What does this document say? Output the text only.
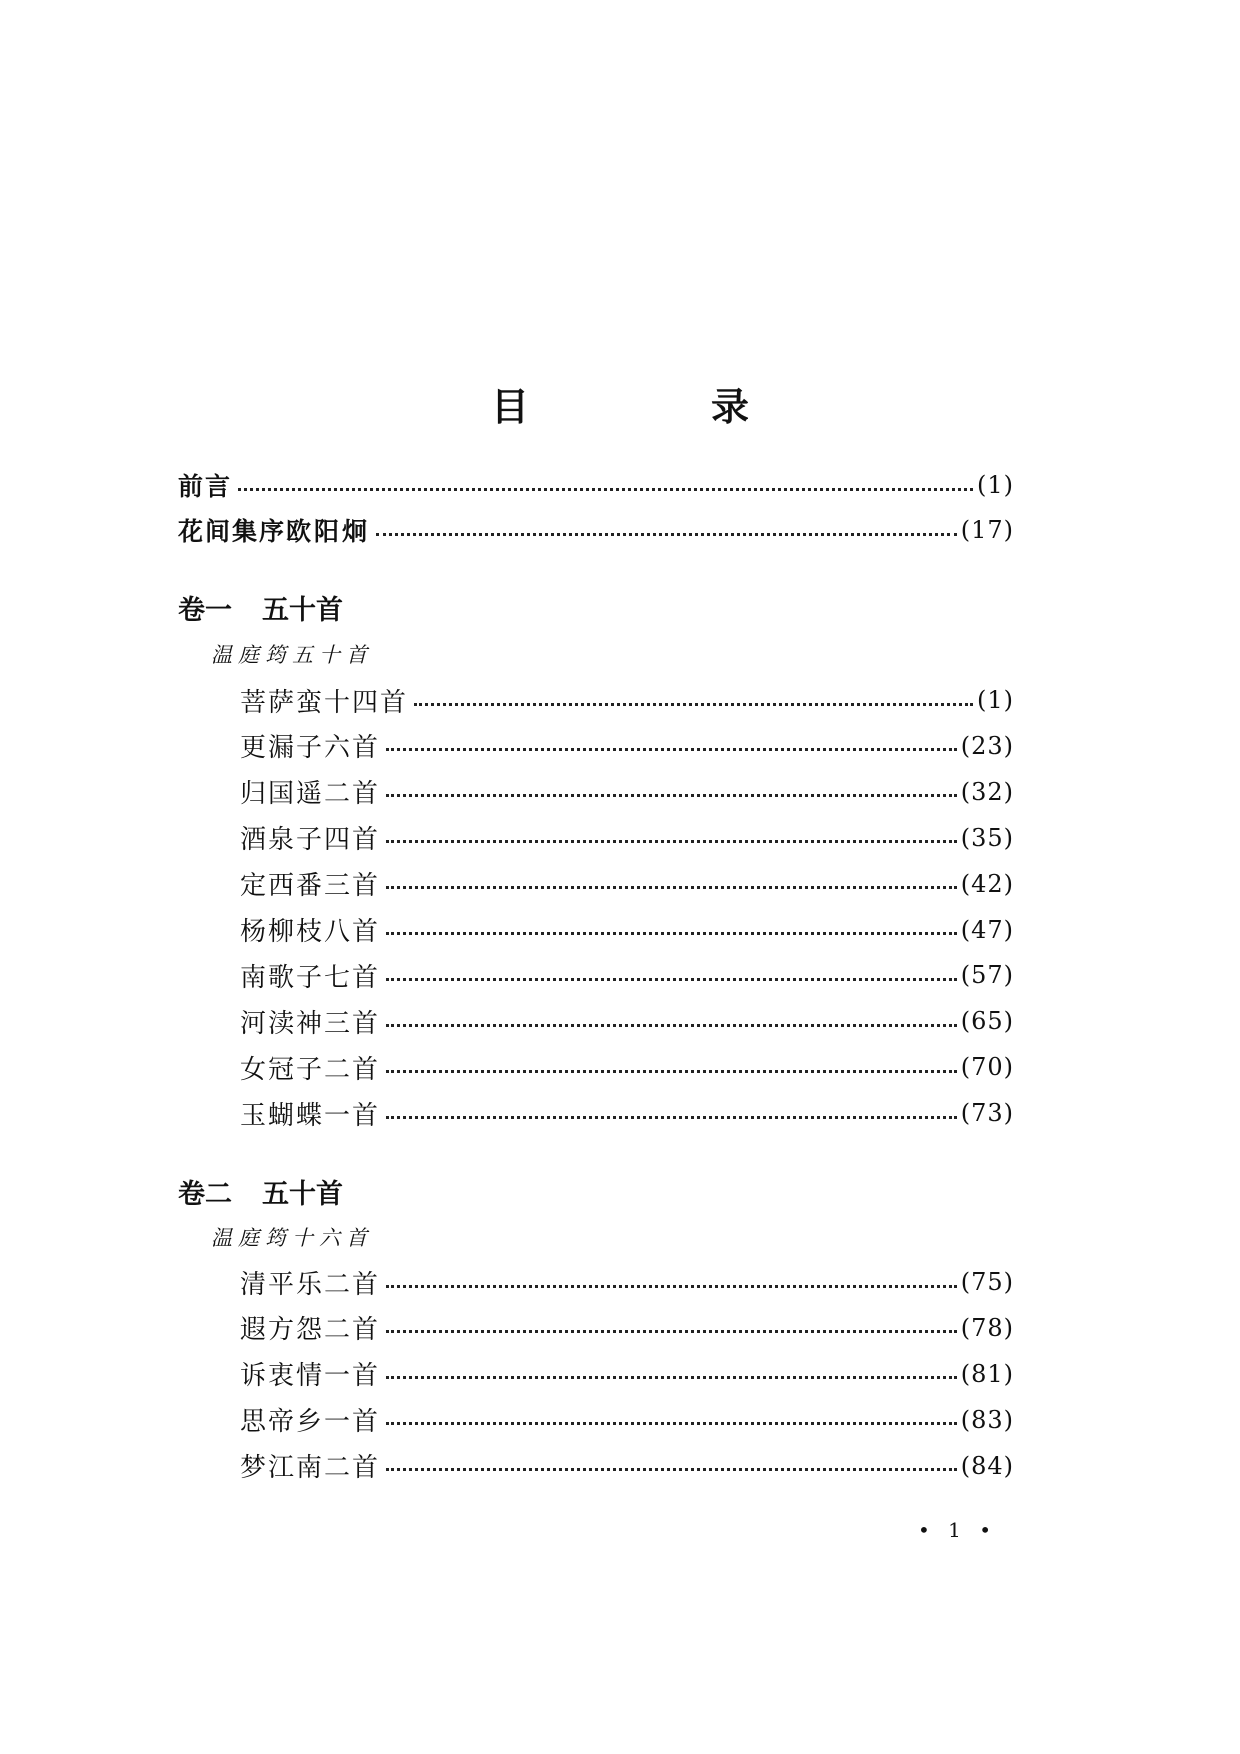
目　录
前言	(1)
花间集序 欧阳炯	(17)
卷一 五十首
温庭筠五十首
菩萨蛮十四首	(1)
更漏子六首	(23)
归国遥二首	(32)
酒泉子四首	(35)
定西番三首	(42)
杨柳枝八首	(47)
南歌子七首	(57)
河渎神三首	(65)
女冠子二首	(70)
玉蝴蝶一首	(73)
卷二 五十首
温庭筠十六首
清平乐二首	(75)
遐方怨二首	(78)
诉衷情一首	(81)
思帝乡一首	(83)
梦江南二首	(84)
• 1 •
